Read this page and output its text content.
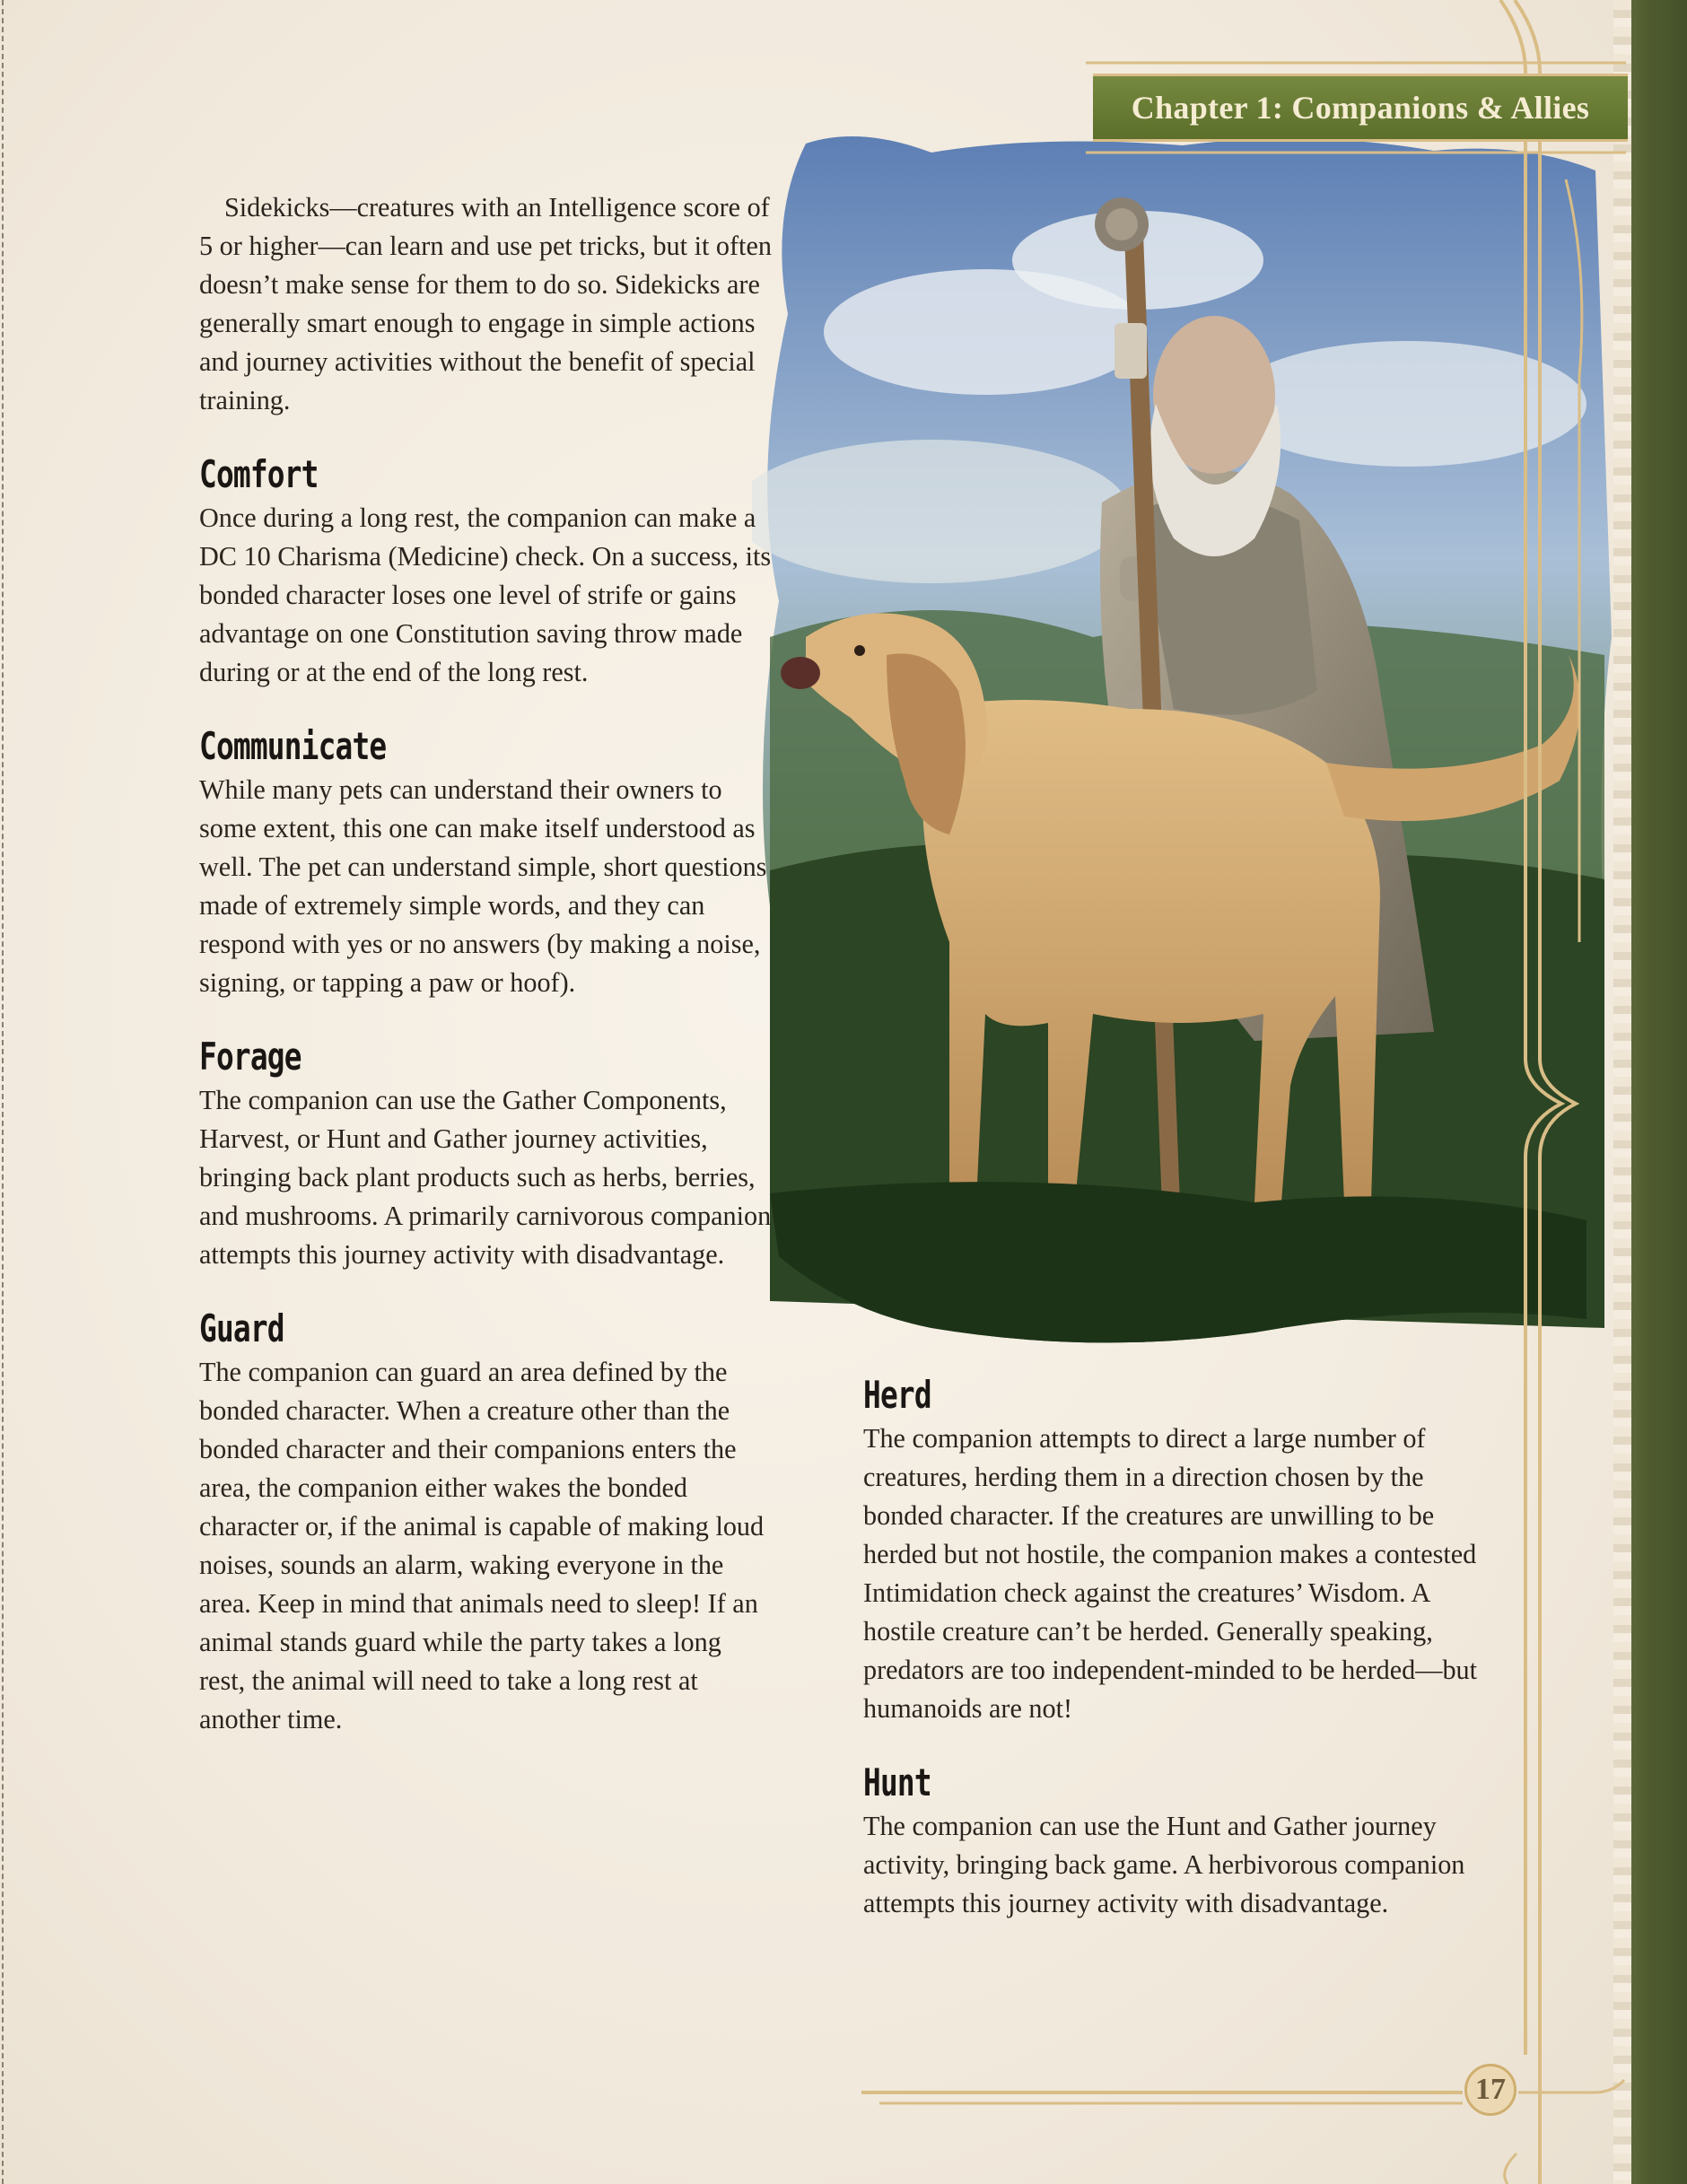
Chapter 1: Companions & Allies

Sidekicks—creatures with an Intelligence score of 5 or higher—can learn and use pet tricks, but it often doesn’t make sense for them to do so. Sidekicks are generally smart enough to engage in simple actions and journey activities without the benefit of special training.

Comfort

Once during a long rest, the companion can make a DC 10 Charisma (Medicine) check. On a success, its bonded character loses one level of strife or gains advantage on one Constitution saving throw made during or at the end of the long rest.

Communicate

While many pets can understand their owners to some extent, this one can make itself understood as well. The pet can understand simple, short questions made of extremely simple words, and they can respond with yes or no answers (by making a noise, signing, or tapping a paw or hoof).

Forage

The companion can use the Gather Components, Harvest, or Hunt and Gather journey activities, bringing back plant products such as herbs, berries, and mushrooms. A primarily carnivorous companion attempts this journey activity with disadvantage.

Guard

The companion can guard an area defined by the bonded character. When a creature other than the bonded character and their companions enters the area, the companion either wakes the bonded character or, if the animal is capable of making loud noises, sounds an alarm, waking everyone in the area. Keep in mind that animals need to sleep! If an animal stands guard while the party takes a long rest, the animal will need to take a long rest at another time.

Herd

The companion attempts to direct a large number of creatures, herding them in a direction chosen by the bonded character. If the creatures are unwilling to be herded but not hostile, the companion makes a contested Intimidation check against the creatures’ Wisdom. A hostile creature can’t be herded. Generally speaking, predators are too independent-minded to be herded—but humanoids are not!

Hunt

The companion can use the Hunt and Gather journey activity, bringing back game. A herbivorous companion attempts this journey activity with disadvantage.

17
